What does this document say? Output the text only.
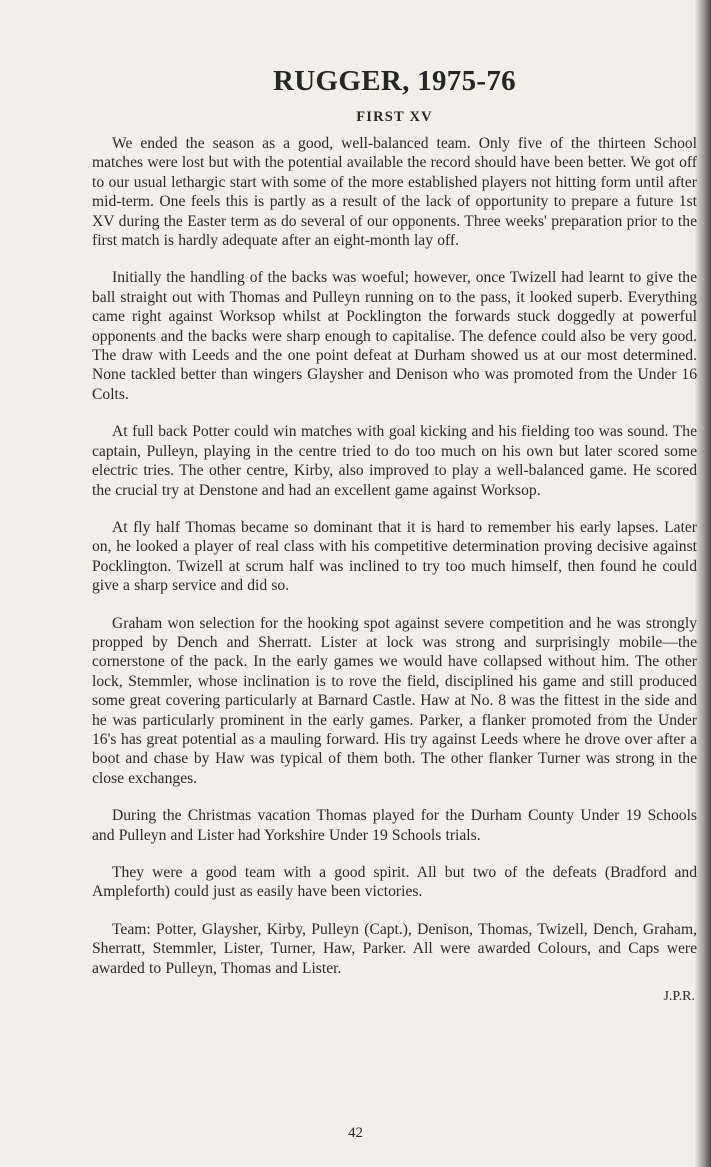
RUGGER, 1975-76
FIRST XV

We ended the season as a good, well-balanced team. Only five of the thirteen School matches were lost but with the potential available the record should have been better. We got off to our usual lethargic start with some of the more established players not hitting form until after mid-term. One feels this is partly as a result of the lack of opportunity to prepare a future 1st XV during the Easter term as do several of our opponents. Three weeks' preparation prior to the first match is hardly adequate after an eight-month lay off.

Initially the handling of the backs was woeful; however, once Twizell had learnt to give the ball straight out with Thomas and Pulleyn running on to the pass, it looked superb. Everything came right against Worksop whilst at Pocklington the forwards stuck doggedly at powerful opponents and the backs were sharp enough to capitalise. The defence could also be very good. The draw with Leeds and the one point defeat at Durham showed us at our most determined. None tackled better than wingers Glaysher and Denison who was promoted from the Under 16 Colts.

At full back Potter could win matches with goal kicking and his fielding too was sound. The captain, Pulleyn, playing in the centre tried to do too much on his own but later scored some electric tries. The other centre, Kirby, also improved to play a well-balanced game. He scored the crucial try at Denstone and had an excellent game against Worksop.

At fly half Thomas became so dominant that it is hard to remember his early lapses. Later on, he looked a player of real class with his competitive determination proving decisive against Pocklington. Twizell at scrum half was inclined to try too much himself, then found he could give a sharp service and did so.

Graham won selection for the hooking spot against severe competition and he was strongly propped by Dench and Sherratt. Lister at lock was strong and surprisingly mobile—the cornerstone of the pack. In the early games we would have collapsed without him. The other lock, Stemmler, whose inclination is to rove the field, disciplined his game and still produced some great covering particularly at Barnard Castle. Haw at No. 8 was the fittest in the side and he was particularly prominent in the early games. Parker, a flanker promoted from the Under 16's has great potential as a mauling forward. His try against Leeds where he drove over after a boot and chase by Haw was typical of them both. The other flanker Turner was strong in the close exchanges.

During the Christmas vacation Thomas played for the Durham County Under 19 Schools and Pulleyn and Lister had Yorkshire Under 19 Schools trials.

They were a good team with a good spirit. All but two of the defeats (Bradford and Ampleforth) could just as easily have been victories.

Team: Potter, Glaysher, Kirby, Pulleyn (Capt.), Denison, Thomas, Twizell, Dench, Graham, Sherratt, Stemmler, Lister, Turner, Haw, Parker. All were awarded Colours, and Caps were awarded to Pulleyn, Thomas and Lister.

J.P.R.
42
